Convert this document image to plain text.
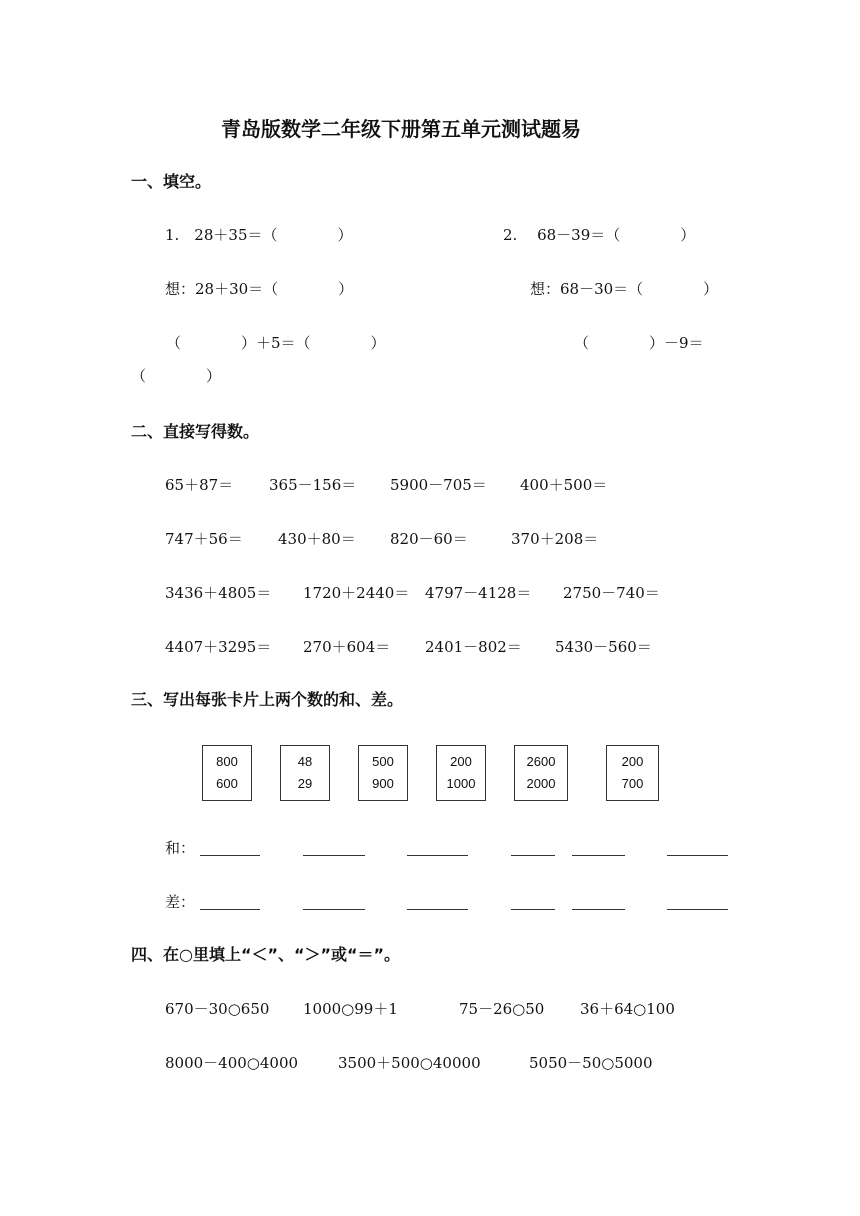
青岛版数学二年级下册第五单元测试题易
一、填空。
1.　28＋35＝（　　　　）	2.　 68－39＝（　　　　）
想：28＋30＝（　　　　）	想：68－30＝（　　　　）
（　　　　）＋5＝（　　　　）	（　　　　）－9＝
（　　　　）
二、直接写得数。
65＋87＝ 365－156＝ 5900－705＝ 400＋500＝
747＋56＝ 430＋80＝ 820－60＝	370＋208＝
3436＋4805＝ 1720＋2440＝ 4797－4128＝ 2750－740＝
4407＋3295＝ 270＋604＝ 2401－802＝ 5430－560＝
三、写出每张卡片上两个数的和、差。
800
600
48
29
500
900
200
1000
2600
2000
200
700
和：
差：
四、在○里填上“＜”、“＞”或“＝”。
670－30○650 1000○99＋1	75－26○50 36＋64○100
8000－400○4000	3500＋500○40000	5050－50○5000
